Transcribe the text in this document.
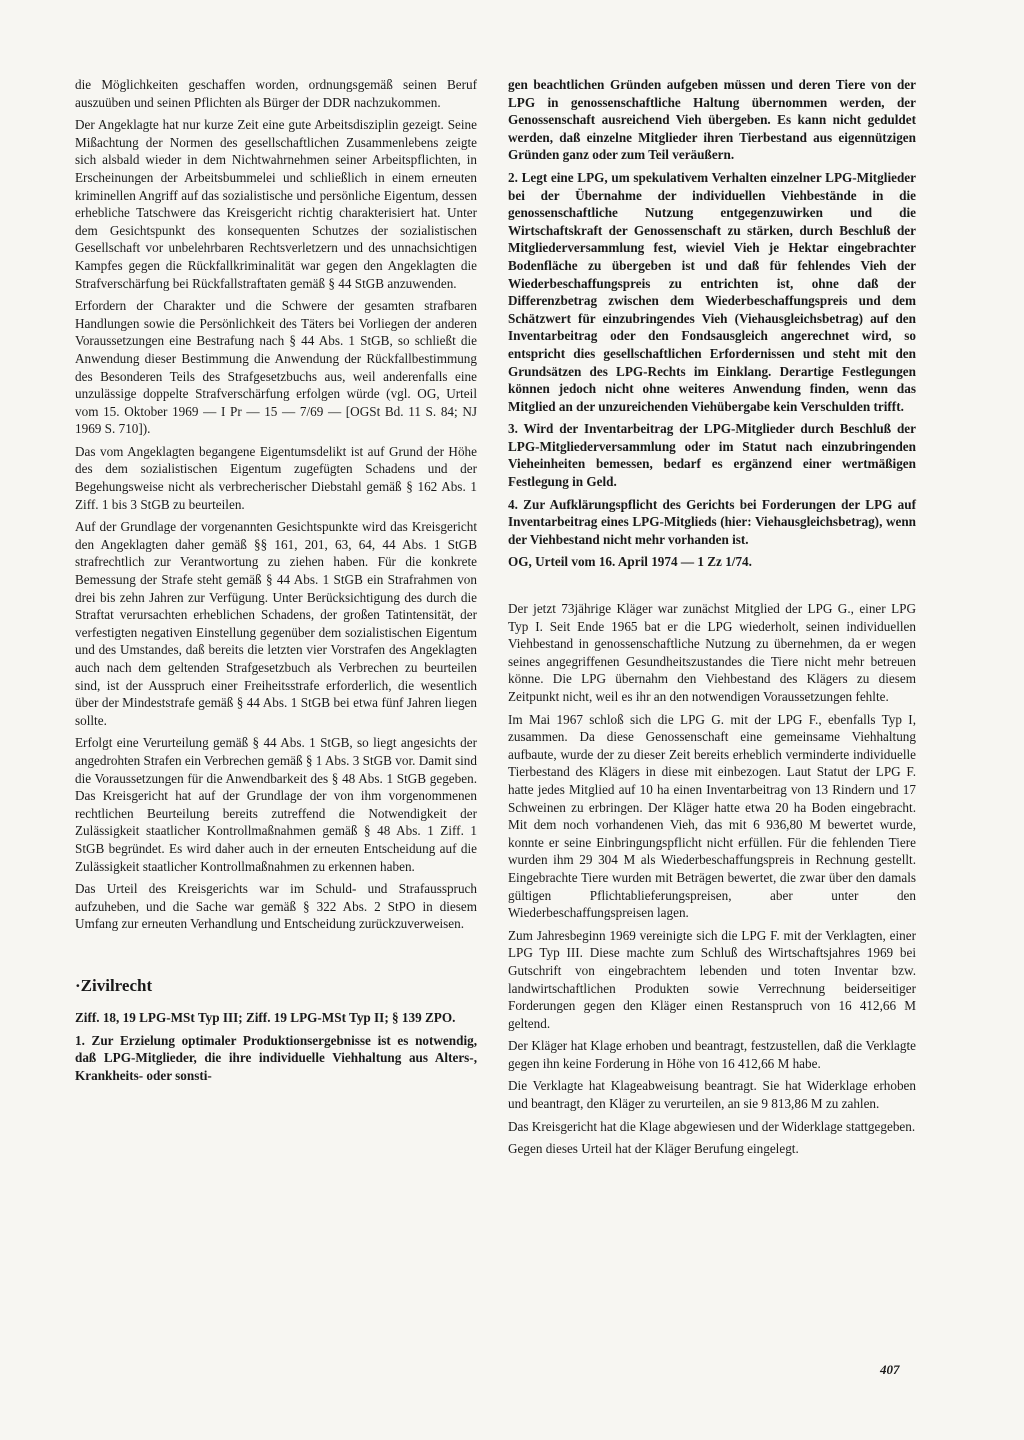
die Möglichkeiten geschaffen worden, ordnungsgemäß seinen Beruf auszuüben und seinen Pflichten als Bürger der DDR nachzukommen.

Der Angeklagte hat nur kurze Zeit eine gute Arbeitsdisziplin gezeigt. Seine Mißachtung der Normen des gesellschaftlichen Zusammenlebens zeigte sich alsbald wieder in dem Nichtwahrnehmen seiner Arbeitspflichten, in Erscheinungen der Arbeitsbummelei und schließlich in einem erneuten kriminellen Angriff auf das sozialistische und persönliche Eigentum, dessen erhebliche Tatschwere das Kreisgericht richtig charakterisiert hat. Unter dem Gesichtspunkt des konsequenten Schutzes der sozialistischen Gesellschaft vor unbelehrbaren Rechtsverletzern und des unnachsichtigen Kampfes gegen die Rückfallkriminalität war gegen den Angeklagten die Strafverschärfung bei Rückfallstraftaten gemäß § 44 StGB anzuwenden.

Erfordern der Charakter und die Schwere der gesamten strafbaren Handlungen sowie die Persönlichkeit des Täters bei Vorliegen der anderen Voraussetzungen eine Bestrafung nach § 44 Abs. 1 StGB, so schließt die Anwendung dieser Bestimmung die Anwendung der Rückfallbestimmung des Besonderen Teils des Strafgesetzbuchs aus, weil anderenfalls eine unzulässige doppelte Strafverschärfung erfolgen würde (vgl. OG, Urteil vom 15. Oktober 1969 — I Pr — 15 — 7/69 — [OGSt Bd. 11 S. 84; NJ 1969 S. 710]).

Das vom Angeklagten begangene Eigentumsdelikt ist auf Grund der Höhe des dem sozialistischen Eigentum zugefügten Schadens und der Begehungsweise nicht als verbrecherischer Diebstahl gemäß § 162 Abs. 1 Ziff. 1 bis 3 StGB zu beurteilen.

Auf der Grundlage der vorgenannten Gesichtspunkte wird das Kreisgericht den Angeklagten daher gemäß §§ 161, 201, 63, 64, 44 Abs. 1 StGB strafrechtlich zur Verantwortung zu ziehen haben. Für die konkrete Bemessung der Strafe steht gemäß § 44 Abs. 1 StGB ein Strafrahmen von drei bis zehn Jahren zur Verfügung. Unter Berücksichtigung des durch die Straftat verursachten erheblichen Schadens, der großen Tatintensität, der verfestigten negativen Einstellung gegenüber dem sozialistischen Eigentum und des Umstandes, daß bereits die letzten vier Vorstrafen des Angeklagten auch nach dem geltenden Strafgesetzbuch als Verbrechen zu beurteilen sind, ist der Ausspruch einer Freiheitsstrafe erforderlich, die wesentlich über der Mindeststrafe gemäß § 44 Abs. 1 StGB bei etwa fünf Jahren liegen sollte.

Erfolgt eine Verurteilung gemäß § 44 Abs. 1 StGB, so liegt angesichts der angedrohten Strafen ein Verbrechen gemäß § 1 Abs. 3 StGB vor. Damit sind die Voraussetzungen für die Anwendbarkeit des § 48 Abs. 1 StGB gegeben. Das Kreisgericht hat auf der Grundlage der von ihm vorgenommenen rechtlichen Beurteilung bereits zutreffend die Notwendigkeit der Zulässigkeit staatlicher Kontrollmaßnahmen gemäß § 48 Abs. 1 Ziff. 1 StGB begründet. Es wird daher auch in der erneuten Entscheidung auf die Zulässigkeit staatlicher Kontrollmaßnahmen zu erkennen haben.

Das Urteil des Kreisgerichts war im Schuld- und Strafausspruch aufzuheben, und die Sache war gemäß § 322 Abs. 2 StPO in diesem Umfang zur erneuten Verhandlung und Entscheidung zurückzuverweisen.

·Zivilrecht

Ziff. 18, 19 LPG-MSt Typ III; Ziff. 19 LPG-MSt Typ II; § 139 ZPO.

1. Zur Erzielung optimaler Produktionsergebnisse ist es notwendig, daß LPG-Mitglieder, die ihre individuelle Viehhaltung aus Alters-, Krankheits- oder sonsti-

gen beachtlichen Gründen aufgeben müssen und deren Tiere von der LPG in genossenschaftliche Haltung übernommen werden, der Genossenschaft ausreichend Vieh übergeben. Es kann nicht geduldet werden, daß einzelne Mitglieder ihren Tierbestand aus eigennützigen Gründen ganz oder zum Teil veräußern.

2. Legt eine LPG, um spekulativem Verhalten einzelner LPG-Mitglieder bei der Übernahme der individuellen Viehbestände in die genossenschaftliche Nutzung entgegenzuwirken und die Wirtschaftskraft der Genossenschaft zu stärken, durch Beschluß der Mitgliederversammlung fest, wieviel Vieh je Hektar eingebrachter Bodenfläche zu übergeben ist und daß für fehlendes Vieh der Wiederbeschaffungspreis zu entrichten ist, ohne daß der Differenzbetrag zwischen dem Wiederbeschaffungspreis und dem Schätzwert für einzubringendes Vieh (Viehausgleichsbetrag) auf den Inventarbeitrag oder den Fondsausgleich angerechnet wird, so entspricht dies gesellschaftlichen Erfordernissen und steht mit den Grundsätzen des LPG-Rechts im Einklang. Derartige Festlegungen können jedoch nicht ohne weiteres Anwendung finden, wenn das Mitglied an der unzureichenden Viehübergabe kein Verschulden trifft.

3. Wird der Inventarbeitrag der LPG-Mitglieder durch Beschluß der LPG-Mitgliederversammlung oder im Statut nach einzubringenden Vieheinheiten bemessen, bedarf es ergänzend einer wertmäßigen Festlegung in Geld.

4. Zur Aufklärungspflicht des Gerichts bei Forderungen der LPG auf Inventarbeitrag eines LPG-Mitglieds (hier: Viehausgleichsbetrag), wenn der Viehbestand nicht mehr vorhanden ist.

OG, Urteil vom 16. April 1974 — 1 Zz 1/74.

Der jetzt 73jährige Kläger war zunächst Mitglied der LPG G., einer LPG Typ I. Seit Ende 1965 bat er die LPG wiederholt, seinen individuellen Viehbestand in genossenschaftliche Nutzung zu übernehmen, da er wegen seines angegriffenen Gesundheitszustandes die Tiere nicht mehr betreuen könne. Die LPG übernahm den Viehbestand des Klägers zu diesem Zeitpunkt nicht, weil es ihr an den notwendigen Voraussetzungen fehlte.

Im Mai 1967 schloß sich die LPG G. mit der LPG F., ebenfalls Typ I, zusammen. Da diese Genossenschaft eine gemeinsame Viehhaltung aufbaute, wurde der zu dieser Zeit bereits erheblich verminderte individuelle Tierbestand des Klägers in diese mit einbezogen. Laut Statut der LPG F. hatte jedes Mitglied auf 10 ha einen Inventarbeitrag von 13 Rindern und 17 Schweinen zu erbringen. Der Kläger hatte etwa 20 ha Boden eingebracht. Mit dem noch vorhandenen Vieh, das mit 6 936,80 M bewertet wurde, konnte er seine Einbringungspflicht nicht erfüllen. Für die fehlenden Tiere wurden ihm 29 304 M als Wiederbeschaffungspreis in Rechnung gestellt. Eingebrachte Tiere wurden mit Beträgen bewertet, die zwar über den damals gültigen Pflichtablieferungspreisen, aber unter den Wiederbeschaffungspreisen lagen.

Zum Jahresbeginn 1969 vereinigte sich die LPG F. mit der Verklagten, einer LPG Typ III. Diese machte zum Schluß des Wirtschaftsjahres 1969 bei Gutschrift von eingebrachtem lebenden und toten Inventar bzw. landwirtschaftlichen Produkten sowie Verrechnung beiderseitiger Forderungen gegen den Kläger einen Restanspruch von 16 412,66 M geltend.

Der Kläger hat Klage erhoben und beantragt, festzustellen, daß die Verklagte gegen ihn keine Forderung in Höhe von 16 412,66 M habe.

Die Verklagte hat Klageabweisung beantragt. Sie hat Widerklage erhoben und beantragt, den Kläger zu verurteilen, an sie 9 813,86 M zu zahlen.

Das Kreisgericht hat die Klage abgewiesen und der Widerklage stattgegeben.

Gegen dieses Urteil hat der Kläger Berufung eingelegt.

407
